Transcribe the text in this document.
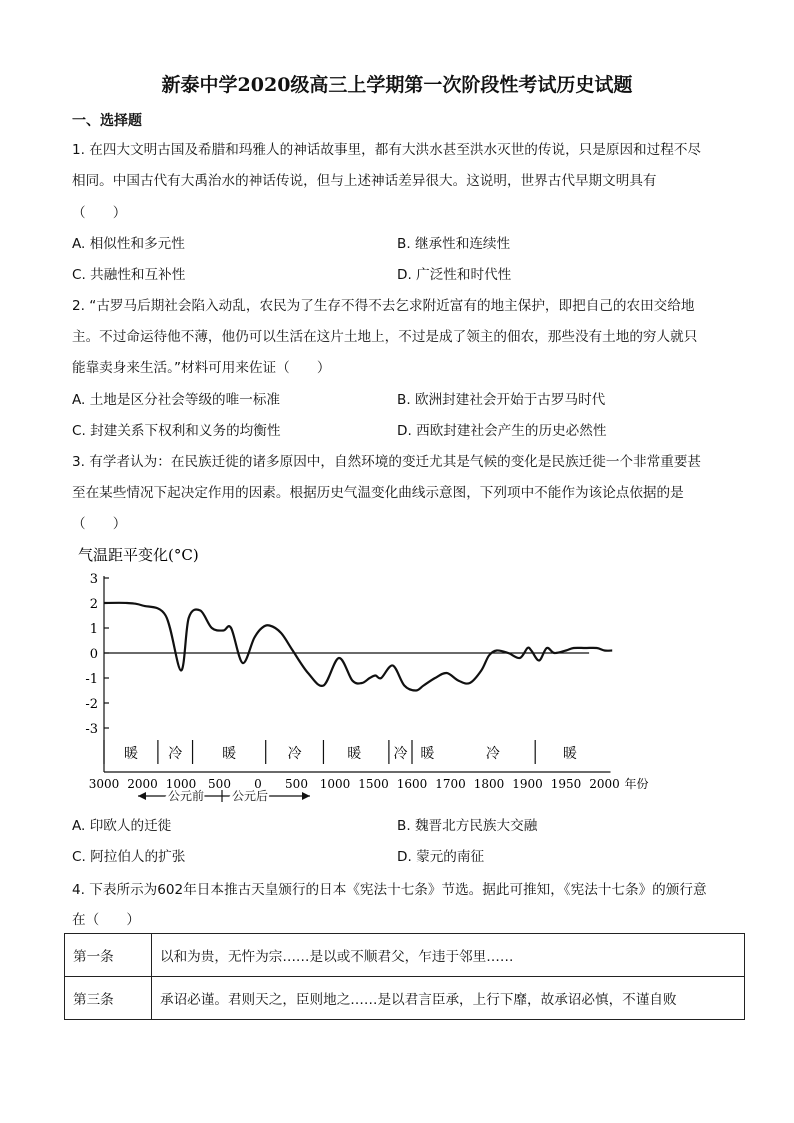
新泰中学2020级高三上学期第一次阶段性考试历史试题
一、选择题
1. 在四大文明古国及希腊和玛雅人的神话故事里，都有大洪水甚至洪水灭世的传说，只是原因和过程不尽
相同。中国古代有大禹治水的神话传说，但与上述神话差异很大。这说明，世界古代早期文明具有
（　　）
A. 相似性和多元性	B. 继承性和连续性
C. 共融性和互补性	D. 广泛性和时代性
2. “古罗马后期社会陷入动乱，农民为了生存不得不去乞求附近富有的地主保护，即把自己的农田交给地
主。不过命运待他不薄，他仍可以生活在这片土地上，不过是成了领主的佃农，那些没有土地的穷人就只
能靠卖身来生活。”材料可用来佐证（　　）
A. 土地是区分社会等级的唯一标准	B. 欧洲封建社会开始于古罗马时代
C. 封建关系下权利和义务的均衡性	D. 西欧封建社会产生的历史必然性
3. 有学者认为：在民族迁徙的诸多原因中，自然环境的变迁尤其是气候的变化是民族迁徙一个非常重要甚
至在某些情况下起决定作用的因素。根据历史气温变化曲线示意图，下列项中不能作为该论点依据的是
（　　）
气温距平变化(°C)
3
2
1
0
-1
-2
-3
3000 2000 1000 500 0 500 1000 1500 1600 1700 1800 1900 1950 2000 年份
暖 冷	暖	冷	暖 冷 暖	冷	暖
公元前 公元后
A. 印欧人的迁徙	B. 魏晋北方民族大交融
C. 阿拉伯人的扩张	D. 蒙元的南征
4. 下表所示为602年日本推古天皇颁行的日本《宪法十七条》节选。据此可推知，《宪法十七条》的颁行意
在（　　）
第一条	以和为贵，无忤为宗……是以或不顺君父，乍违于邻里……
第三条	承诏必谨。君则天之，臣则地之……是以君言臣承，上行下靡，故承诏必慎，不谨自败
